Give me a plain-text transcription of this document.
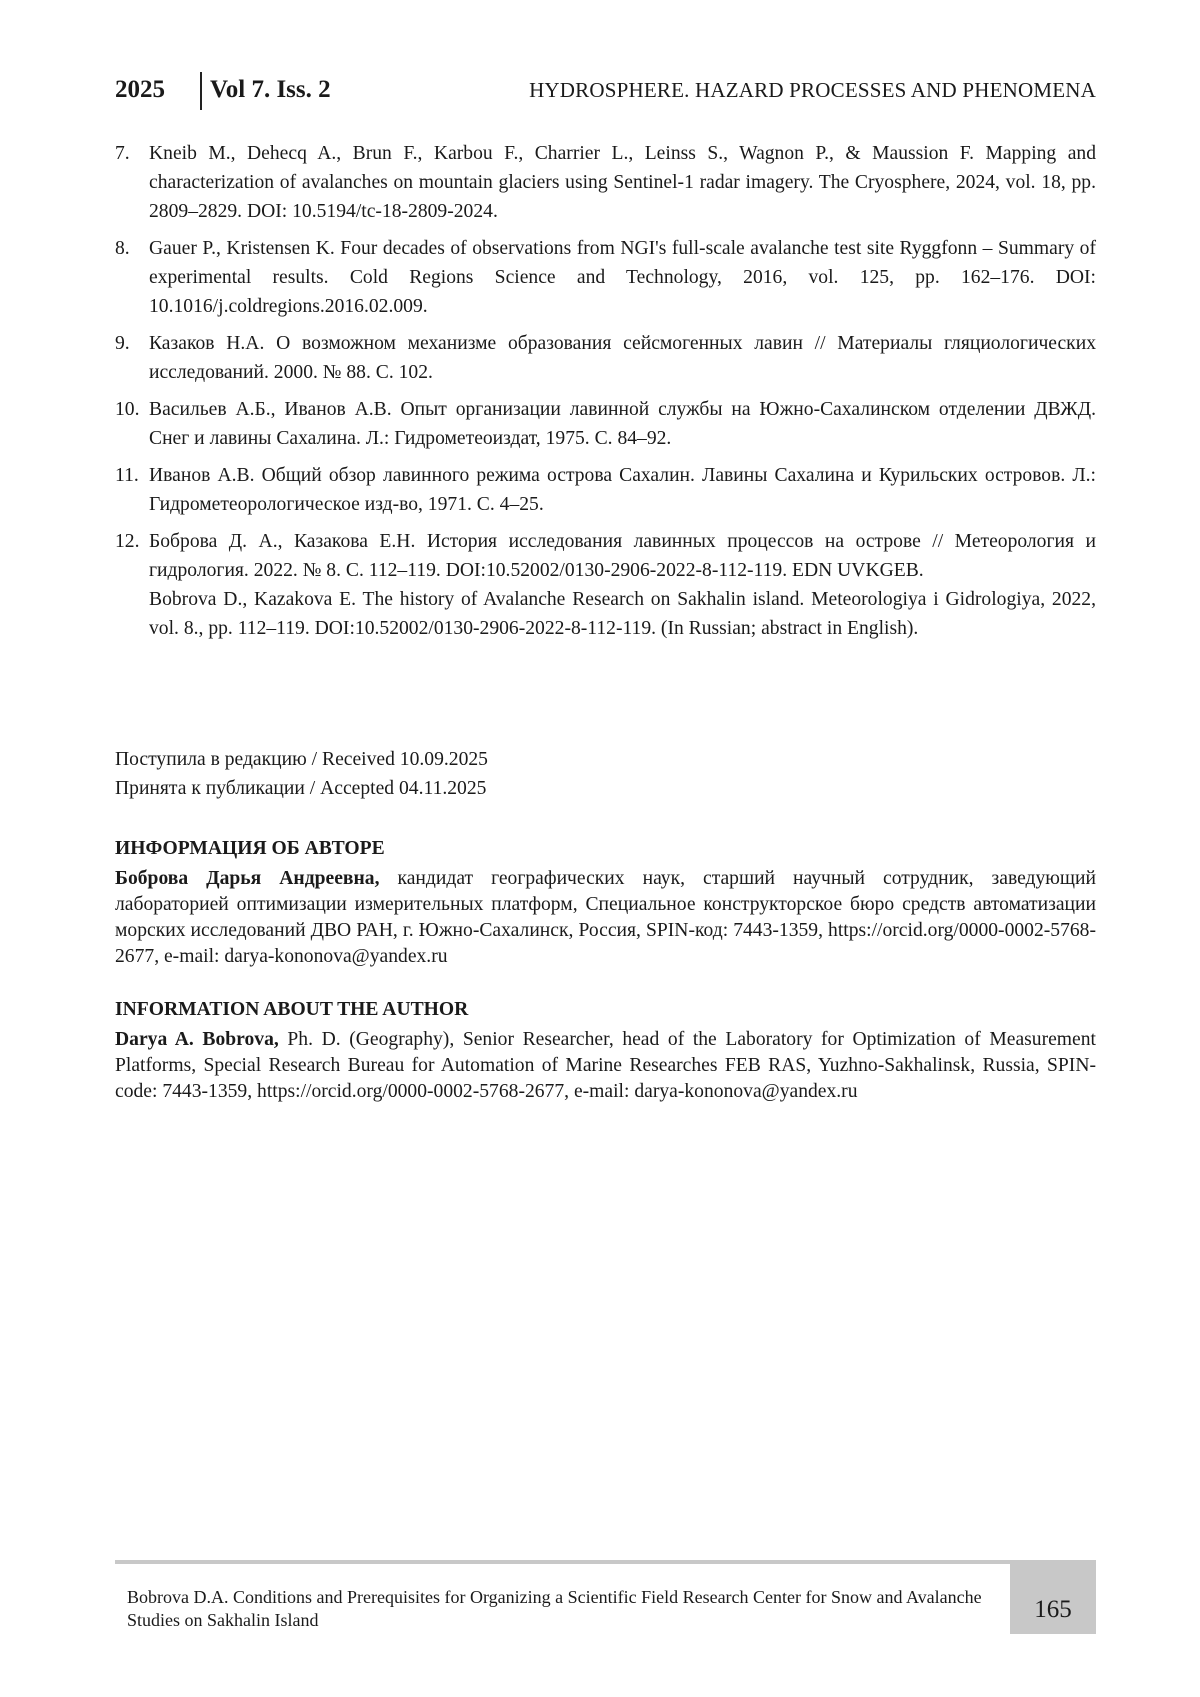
2025 Vol 7. Iss. 2	HYDROSPHERE. HAZARD PROCESSES AND PHENOMENA
7. Kneib M., Dehecq A., Brun F., Karbou F., Charrier L., Leinss S., Wagnon P., & Maussion F. Mapping and characterization of avalanches on mountain glaciers using Sentinel-1 radar imagery. The Cryosphere, 2024, vol. 18, pp. 2809–2829. DOI: 10.5194/tc-18-2809-2024.
8. Gauer P., Kristensen K. Four decades of observations from NGI's full-scale avalanche test site Ryggfonn – Summary of experimental results. Cold Regions Science and Technology, 2016, vol. 125, pp. 162–176. DOI: 10.1016/j.coldregions.2016.02.009.
9. Казаков Н.А. О возможном механизме образования сейсмогенных лавин // Материалы гляциологических исследований. 2000. № 88. С. 102.
10. Васильев А.Б., Иванов А.В. Опыт организации лавинной службы на Южно-Сахалинском отделении ДВЖД. Снег и лавины Сахалина. Л.: Гидрометеоиздат, 1975. С. 84–92.
11. Иванов А.В. Общий обзор лавинного режима острова Сахалин. Лавины Сахалина и Курильских островов. Л.: Гидрометеорологическое изд-во, 1971. С. 4–25.
12. Боброва Д. А., Казакова Е.Н. История исследования лавинных процессов на острове // Метеорология и гидрология. 2022. № 8. С. 112–119. DOI:10.52002/0130-2906-2022-8-112-119. EDN UVKGEB.
Bobrova D., Kazakova E. The history of Avalanche Research on Sakhalin island. Meteorologiya i Gidrologiya, 2022, vol. 8., pp. 112–119. DOI:10.52002/0130-2906-2022-8-112-119. (In Russian; abstract in English).
Поступила в редакцию / Received 10.09.2025
Принята к публикации / Accepted 04.11.2025
ИНФОРМАЦИЯ ОБ АВТОРЕ
Боброва Дарья Андреевна, кандидат географических наук, старший научный сотрудник, заведующий лабораторией оптимизации измерительных платформ, Специальное конструкторское бюро средств автоматизации морских исследований ДВО РАН, г. Южно-Сахалинск, Россия, SPIN-код: 7443-1359, https://orcid.org/0000-0002-5768-2677, e-mail: darya-kononova@yandex.ru
INFORMATION ABOUT THE AUTHOR
Darya A. Bobrova, Ph. D. (Geography), Senior Researcher, head of the Laboratory for Optimization of Measurement Platforms, Special Research Bureau for Automation of Marine Researches FEB RAS, Yuzhno-Sakhalinsk, Russia, SPIN-code: 7443-1359, https://orcid.org/0000-0002-5768-2677, e-mail: darya-kononova@yandex.ru
Bobrova D.A. Conditions and Prerequisites for Organizing a Scientific Field Research Center for Snow and Avalanche Studies on Sakhalin Island	165
